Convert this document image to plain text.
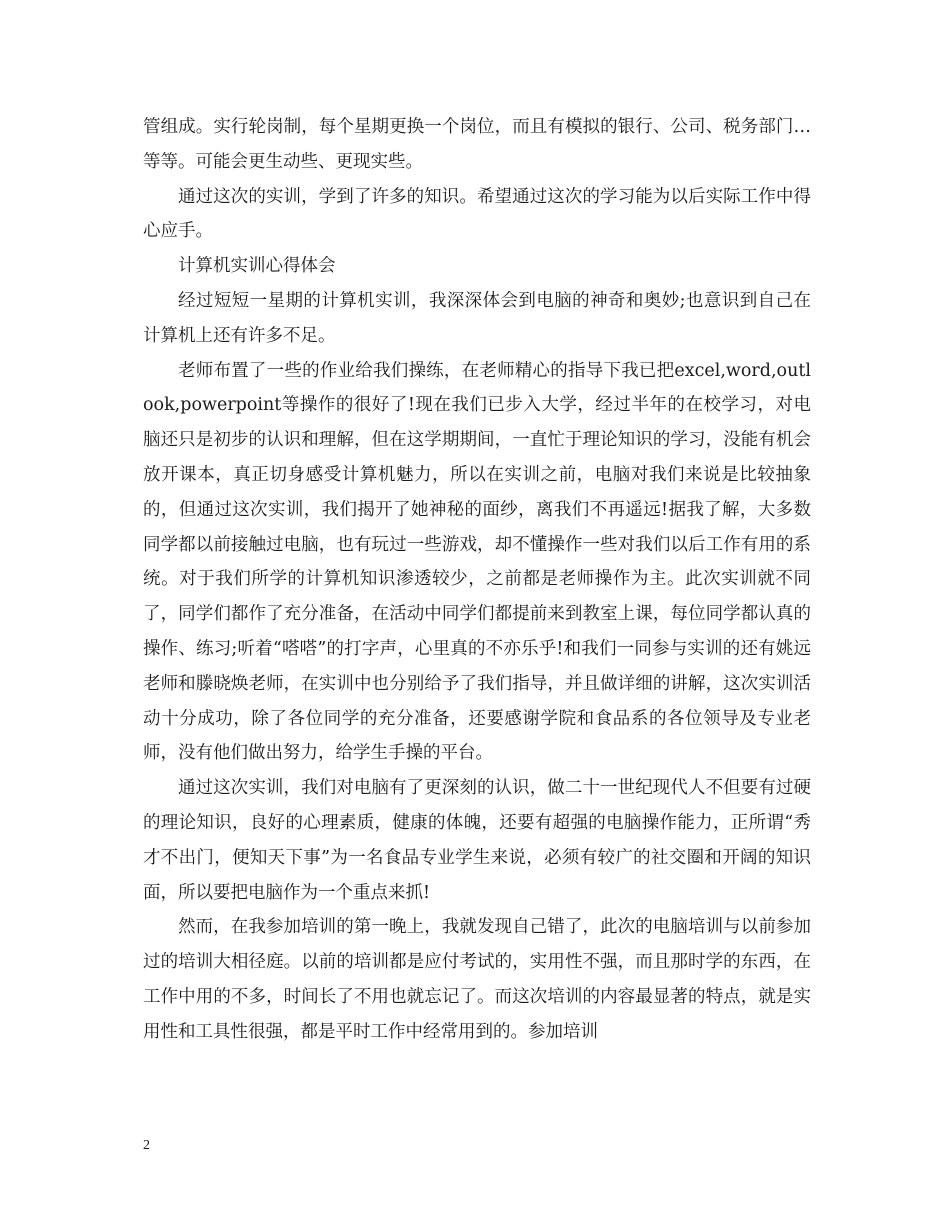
管组成。实行轮岗制，每个星期更换一个岗位，而且有模拟的银行、公司、税务部门…等等。可能会更生动些、更现实些。

通过这次的实训，学到了许多的知识。希望通过这次的学习能为以后实际工作中得心应手。

计算机实训心得体会

经过短短一星期的计算机实训，我深深体会到电脑的神奇和奥妙;也意识到自己在计算机上还有许多不足。

老师布置了一些的作业给我们操练，在老师精心的指导下我已把excel,word,outlook,powerpoint等操作的很好了!现在我们已步入大学，经过半年的在校学习，对电脑还只是初步的认识和理解，但在这学期期间，一直忙于理论知识的学习，没能有机会放开课本，真正切身感受计算机魅力，所以在实训之前，电脑对我们来说是比较抽象的，但通过这次实训，我们揭开了她神秘的面纱，离我们不再遥远!据我了解，大多数同学都以前接触过电脑，也有玩过一些游戏，却不懂操作一些对我们以后工作有用的系统。对于我们所学的计算机知识渗透较少，之前都是老师操作为主。此次实训就不同了，同学们都作了充分准备，在活动中同学们都提前来到教室上课，每位同学都认真的操作、练习;听着“嗒嗒”的打字声，心里真的不亦乐乎!和我们一同参与实训的还有姚远老师和滕晓焕老师，在实训中也分别给予了我们指导，并且做详细的讲解，这次实训活动十分成功，除了各位同学的充分准备，还要感谢学院和食品系的各位领导及专业老师，没有他们做出努力，给学生手操的平台。

通过这次实训，我们对电脑有了更深刻的认识，做二十一世纪现代人不但要有过硬的理论知识，良好的心理素质，健康的体魄，还要有超强的电脑操作能力，正所谓“秀才不出门，便知天下事”为一名食品专业学生来说，必须有较广的社交圈和开阔的知识面，所以要把电脑作为一个重点来抓!

然而，在我参加培训的第一晚上，我就发现自己错了，此次的电脑培训与以前参加过的培训大相径庭。以前的培训都是应付考试的，实用性不强，而且那时学的东西，在工作中用的不多，时间长了不用也就忘记了。而这次培训的内容最显著的特点，就是实用性和工具性很强，都是平时工作中经常用到的。参加培训

2
